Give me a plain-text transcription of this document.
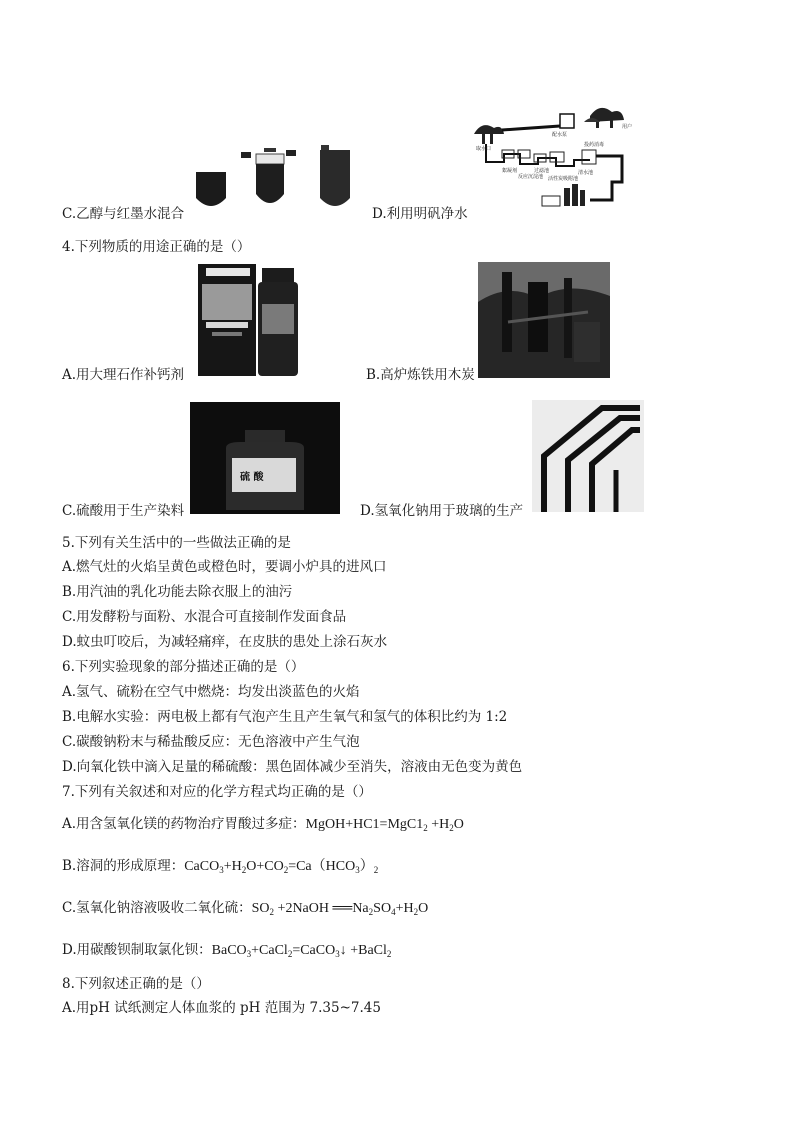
C.乙醇与红墨水混合
取水口
配水泵
絮凝剂
反应沉淀池
过滤池
活性炭吸附池
清水池
投药消毒
用户
D.利用明矾净水
4.下列物质的用途正确的是（）
A.用大理石作补钙剂	B.高炉炼铁用木炭
硫 酸
C.硫酸用于生产染料	D.氢氧化钠用于玻璃的生产
5.下列有关生活中的一些做法正确的是
A.燃气灶的火焰呈黄色或橙色时，要调小炉具的进风口
B.用汽油的乳化功能去除衣服上的油污
C.用发酵粉与面粉、水混合可直接制作发面食品
D.蚊虫叮咬后，为减轻痛痒，在皮肤的患处上涂石灰水
6.下列实验现象的部分描述正确的是（）
A.氢气、硫粉在空气中燃烧：均发出淡蓝色的火焰
B.电解水实验：两电极上都有气泡产生且产生氧气和氢气的体积比约为 1:2
C.碳酸钠粉末与稀盐酸反应：无色溶液中产生气泡
D.向氧化铁中滴入足量的稀硫酸：黑色固体减少至消失，溶液由无色变为黄色
7.下列有关叙述和对应的化学方程式均正确的是（）
A.用含氢氧化镁的药物治疗胃酸过多症：$MgOH+HC1=MgC1_2 +H_2O$
B.溶洞的形成原理：$CaCO_3+H_2O+CO_2=Ca(HCO_3)_2$
C.氢氧化钠溶液吸收二氧化硫：$SO_2$ +2NaOH $══Na_2SO_4+H_2O$
D.用碳酸钡制取氯化钡：BaCO$_3$+CaCl$_2$=CaCO$_3$↓ +BaCl$_2$
8.下列叙述正确的是（）
A.用pH 试纸测定人体血浆的 pH 范围为 7.35~7.45
